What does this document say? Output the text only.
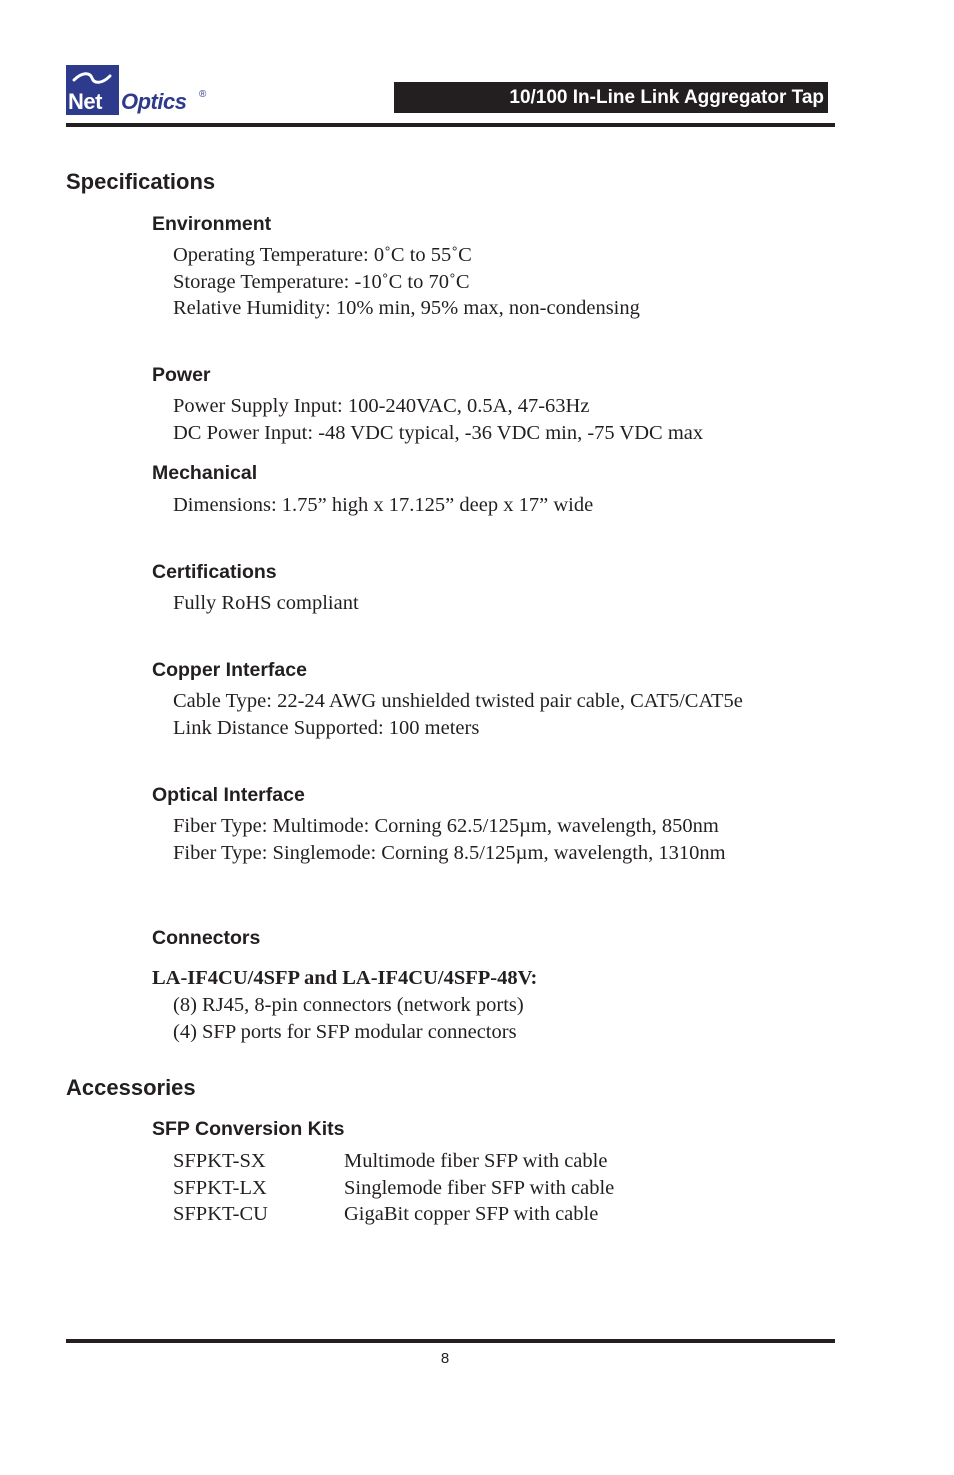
Net Optics ®	10/100 In-Line Link Aggregator Tap
Specifications
Environment
Operating Temperature: 0˚C to 55˚C
Storage Temperature: -10˚C to 70˚C
Relative Humidity: 10% min, 95% max, non-condensing
Power
Power Supply Input: 100-240VAC, 0.5A, 47-63Hz
DC Power Input: -48 VDC typical, -36 VDC min, -75 VDC max
Mechanical
Dimensions: 1.75” high x 17.125” deep x 17” wide
Certifications
Fully RoHS compliant
Copper Interface
Cable Type: 22-24 AWG unshielded twisted pair cable, CAT5/CAT5e
Link Distance Supported: 100 meters
Optical Interface
Fiber Type: Multimode: Corning 62.5/125µm, wavelength, 850nm
Fiber Type: Singlemode: Corning 8.5/125µm, wavelength, 1310nm
Connectors
LA-IF4CU/4SFP and LA-IF4CU/4SFP-48V:
(8) RJ45, 8-pin connectors (network ports)
(4) SFP ports for SFP modular connectors
Accessories
SFP Conversion Kits
SFPKT-SX	Multimode fiber SFP with cable
SFPKT-LX	Singlemode fiber SFP with cable
SFPKT-CU	GigaBit copper SFP with cable
8
